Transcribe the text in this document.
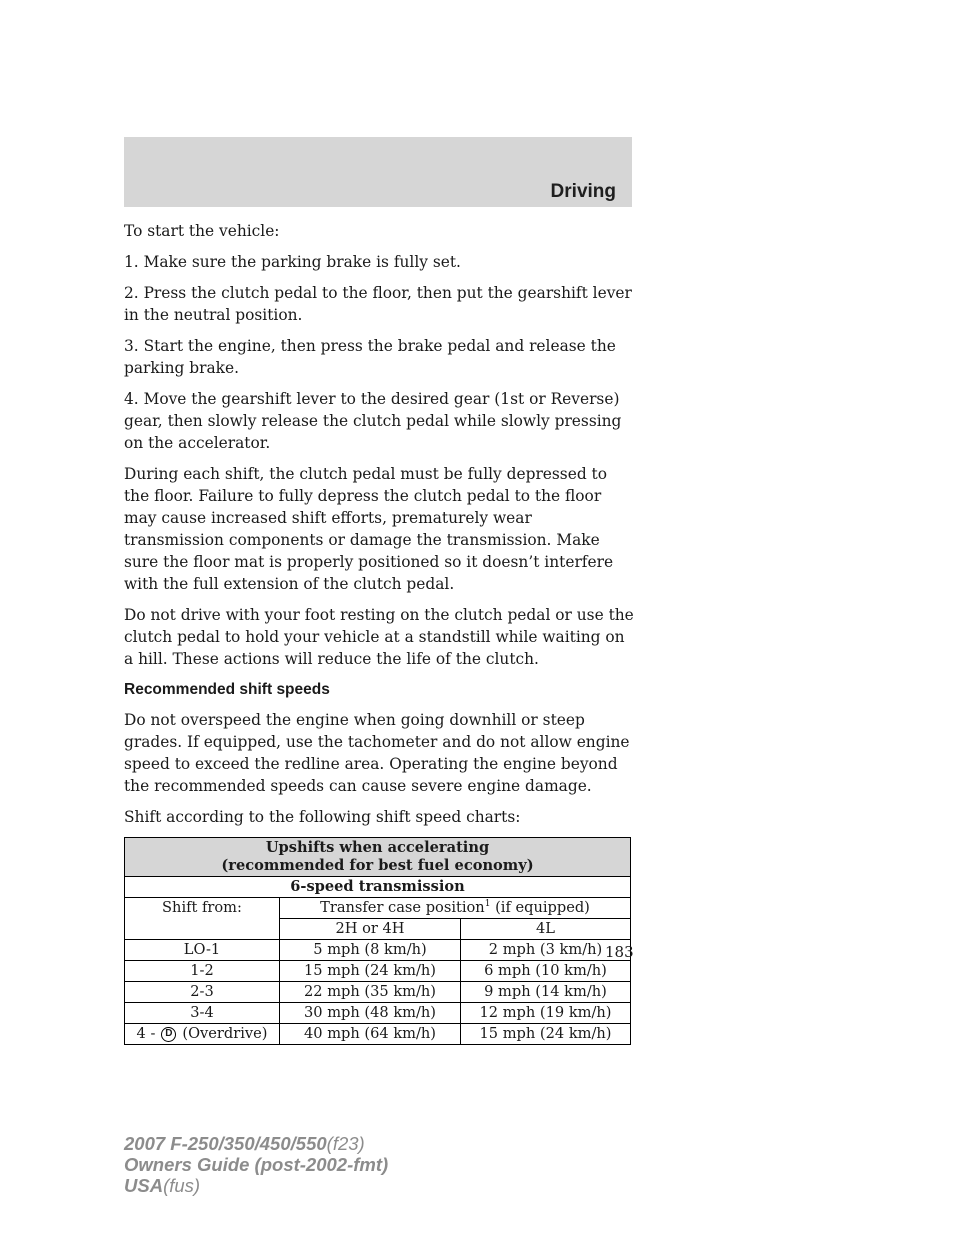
Driving

To start the vehicle:

1. Make sure the parking brake is fully set.

2. Press the clutch pedal to the floor, then put the gearshift lever in the neutral position.

3. Start the engine, then press the brake pedal and release the parking brake.

4. Move the gearshift lever to the desired gear (1st or Reverse) gear, then slowly release the clutch pedal while slowly pressing on the accelerator.

During each shift, the clutch pedal must be fully depressed to the floor. Failure to fully depress the clutch pedal to the floor may cause increased shift efforts, prematurely wear transmission components or damage the transmission. Make sure the floor mat is properly positioned so it doesn’t interfere with the full extension of the clutch pedal.

Do not drive with your foot resting on the clutch pedal or use the clutch pedal to hold your vehicle at a standstill while waiting on a hill. These actions will reduce the life of the clutch.

Recommended shift speeds

Do not overspeed the engine when going downhill or steep grades. If equipped, use the tachometer and do not allow engine speed to exceed the redline area. Operating the engine beyond the recommended speeds can cause severe engine damage.

Shift according to the following shift speed charts:

Upshifts when accelerating
(recommended for best fuel economy)		

6-speed transmission		
Shift from:	Transfer case position$^1$ (if equipped)	
	2H or 4H	4L
LO-1	5 mph (8 km/h)	2 mph (3 km/h)
1-2	15 mph (24 km/h)	6 mph (10 km/h)
2-3	22 mph (35 km/h)	9 mph (14 km/h)
3-4	30 mph (48 km/h)	12 mph (19 km/h)

4 - D (Overdrive)	40 mph (64 km/h)	15 mph (24 km/h)
183
2007 F-250/350/450/550(f23)
Owners Guide (post-2002-fmt)
USA(fus)
